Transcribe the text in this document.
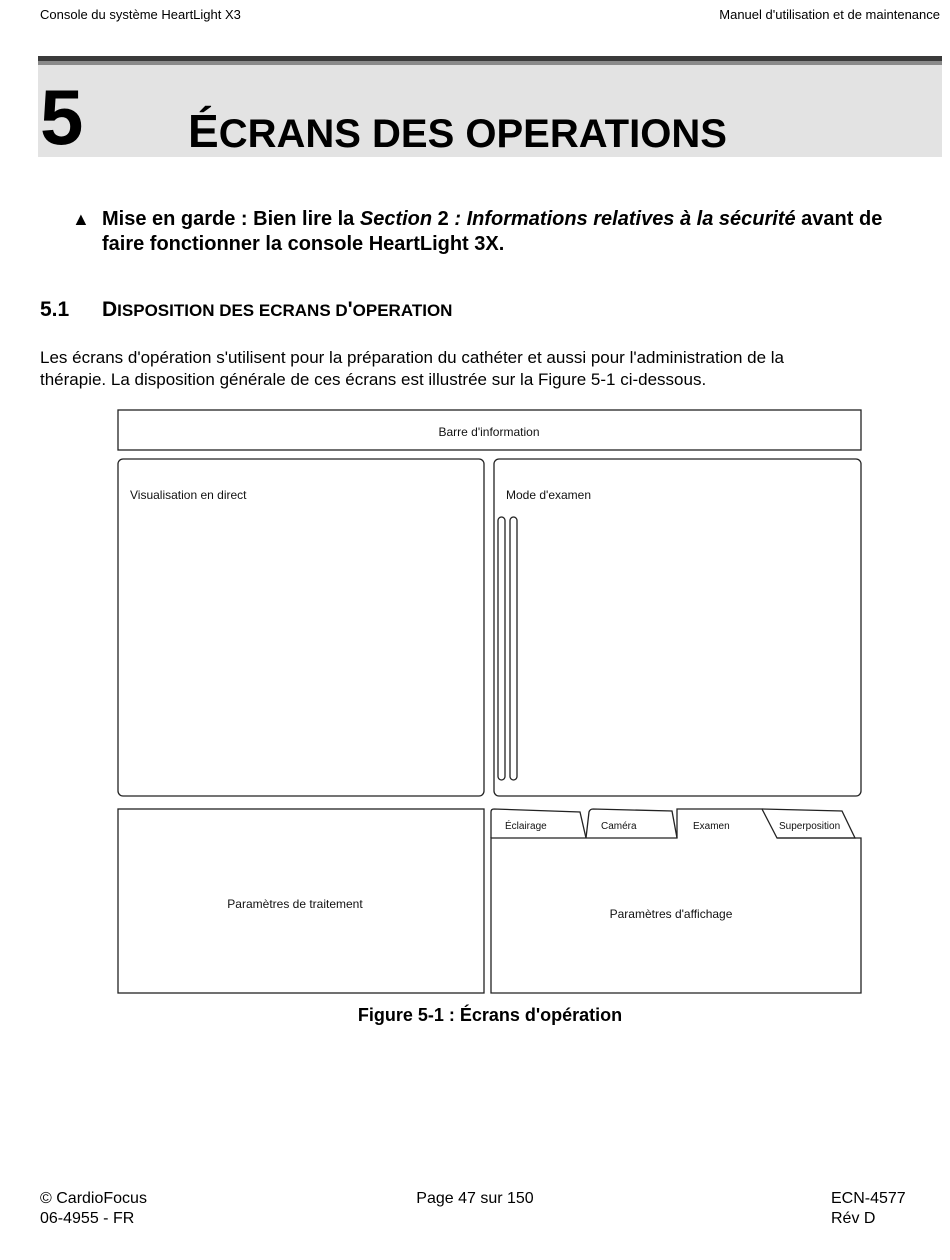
Console du système HeartLight X3	Manuel d'utilisation et de maintenance
5 ÉCRANS DES OPERATIONS
▲ Mise en garde : Bien lire la Section 2 : Informations relatives à la sécurité avant de faire fonctionner la console HeartLight 3X.
5.1 DISPOSITION DES ECRANS D'OPERATION
Les écrans d'opération s'utilisent pour la préparation du cathéter et aussi pour l'administration de la thérapie. La disposition générale de ces écrans est illustrée sur la Figure 5-1 ci-dessous.
Barre d'information
Visualisation en direct	Mode d'examen
Paramètres de traitement
Paramètres d'affichage
Éclairage	Caméra	Examen	Superposition
Figure 5-1 : Écrans d'opération
© CardioFocus
06-4955 - FR
Page 47 sur 150	ECN-4577
Rév D
